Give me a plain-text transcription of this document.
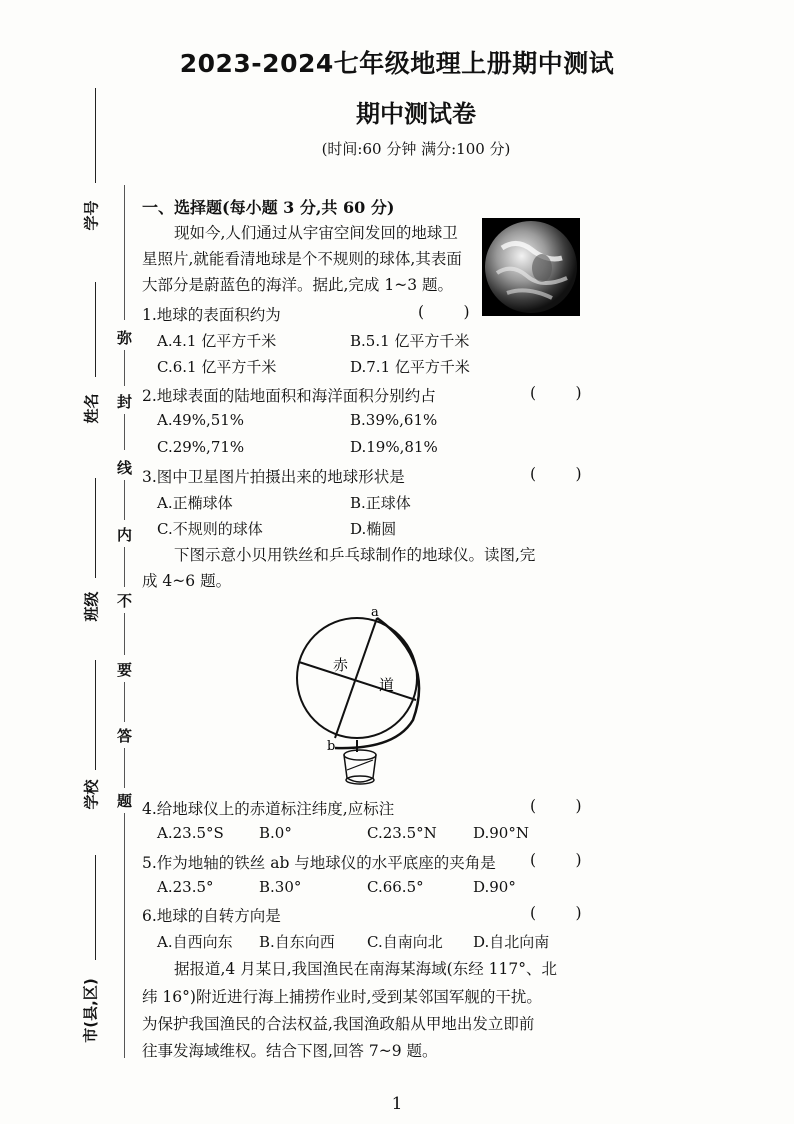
2023-2024七年级地理上册期中测试
期中测试卷
(时间:60 分钟 满分:100 分)
学号
姓名
班级
学校
市(县,区)
弥
封
线
内
不
要
答
题
一、选择题(每小题 3 分,共 60 分)
现如今,人们通过从宇宙空间发回的地球卫
星照片,就能看清地球是个不规则的球体,其表面
大部分是蔚蓝色的海洋。据此,完成 1~3 题。
1.地球的表面积约为	(        )
A.4.1 亿平方千米	B.5.1 亿平方千米
C.6.1 亿平方千米	D.7.1 亿平方千米
2.地球表面的陆地面积和海洋面积分别约占	(        )
A.49%,51%	B.39%,61%
C.29%,71%	D.19%,81%
3.图中卫星图片拍摄出来的地球形状是	(        )
A.正椭球体	B.正球体
C.不规则的球体	D.椭圆
下图示意小贝用铁丝和乒乓球制作的地球仪。读图,完
成 4~6 题。
a
b
赤
道
4.给地球仪上的赤道标注纬度,应标注	(        )
A.23.5°S B.0°	C.23.5°N D.90°N
5.作为地轴的铁丝 ab 与地球仪的水平底座的夹角是 (        )
A.23.5°	B.30°	C.66.5°	D.90°
6.地球的自转方向是	(        )
A.自西向东 B.自东向西 C.自南向北 D.自北向南
据报道,4 月某日,我国渔民在南海某海域(东经 117°、北
纬 16°)附近进行海上捕捞作业时,受到某邻国军舰的干扰。
为保护我国渔民的合法权益,我国渔政船从甲地出发立即前
往事发海域维权。结合下图,回答 7~9 题。
1
